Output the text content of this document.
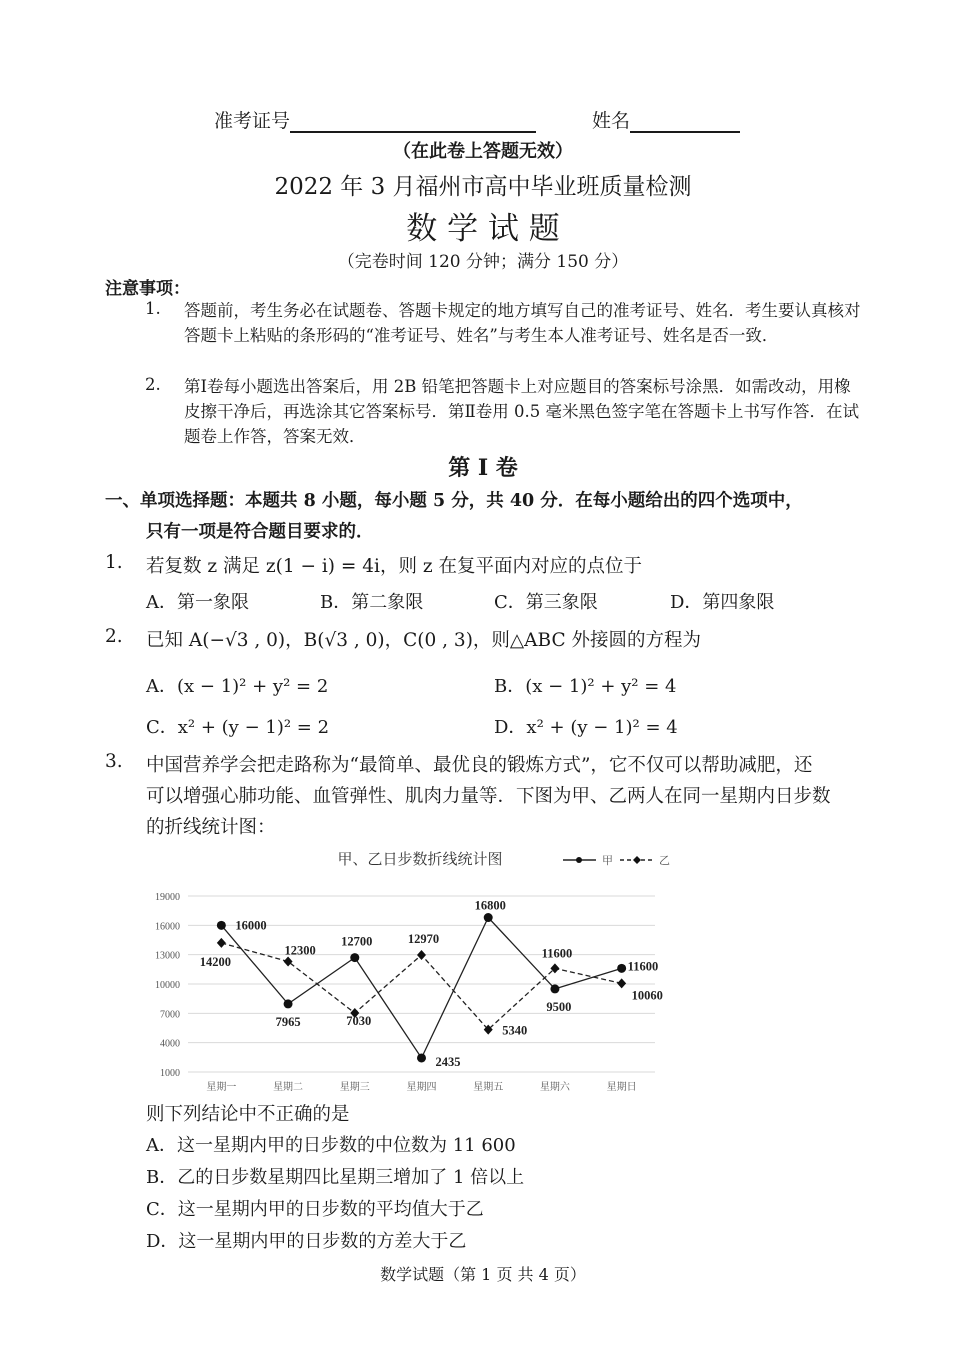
准考证号	姓名
（在此卷上答题无效）
2022 年 3 月福州市高中毕业班质量检测
数 学 试 题
（完卷时间 120 分钟；满分 150 分）
注意事项：
1. 答题前，考生务必在试题卷、答题卡规定的地方填写自己的准考证号、姓名．考生要认真核对答题卡上粘贴的条形码的“准考证号、姓名”与考生本人准考证号、姓名是否一致．
2. 第Ⅰ卷每小题选出答案后，用 2B 铅笔把答题卡上对应题目的答案标号涂黑．如需改动，用橡皮擦干净后，再选涂其它答案标号．第Ⅱ卷用 0.5 毫米黑色签字笔在答题卡上书写作答．在试题卷上作答，答案无效．
第 Ⅰ 卷
一、单项选择题：本题共 8 小题，每小题 5 分，共 40 分．在每小题给出的四个选项中，
只有一项是符合题目要求的．
1. 若复数 z 满足 z(1 − i) = 4i，则 z 在复平面内对应的点位于
A．第一象限	B．第二象限	C．第三象限	D．第四象限
2. 已知 A(−√3 , 0)，B(√3 , 0)，C(0 , 3)，则△ABC 外接圆的方程为
A．(x − 1)² + y² = 2	B．(x − 1)² + y² = 4
C．x² + (y − 1)² = 2	D．x² + (y − 1)² = 4
3. 中国营养学会把走路称为“最简单、最优良的锻炼方式”，它不仅可以帮助减肥，还
可以增强心肺功能、血管弹性、肌肉力量等．下图为甲、乙两人在同一星期内日步数
的折线统计图：
甲、乙日步数折线统计图	甲	乙
1000
4000
7000
10000
13000
16000
19000
星期一	星期二	星期三	星期四	星期五	星期六	星期日
16000
7965
12700
2435
16800
9500
11600
14200
12300
7030
12970
5340
11600
10060
则下列结论中不正确的是
A．这一星期内甲的日步数的中位数为 11 600
B．乙的日步数星期四比星期三增加了 1 倍以上
C．这一星期内甲的日步数的平均值大于乙
D．这一星期内甲的日步数的方差大于乙
数学试题（第 1 页 共 4 页）
